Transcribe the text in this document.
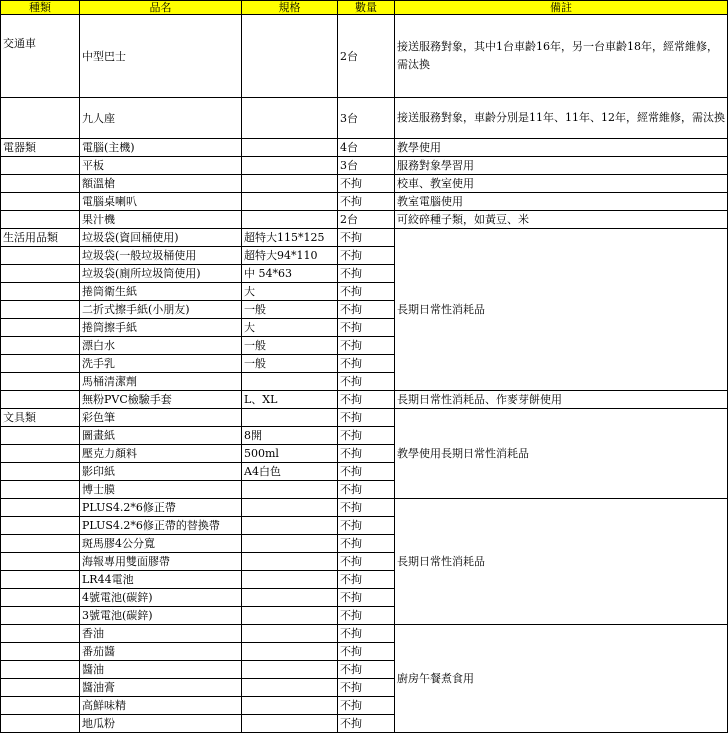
種類	品名	規格	數量	備註
交通車	中型巴士		2台	接送服務對象，其中1台車齡16年，另一台車齡18年，經常維修，需汰換
	九人座		3台	接送服務對象，車齡分別是11年、11年、12年，經常維修，需汰換
電器類	電腦(主機)		4台	教學使用
	平板		3台	服務對象學習用
	額溫槍		不拘	校車、教室使用
	電腦桌喇叭		不拘	教室電腦使用
	果汁機		2台	可絞碎種子類，如黃豆、米
生活用品類	垃圾袋(資回桶使用)	超特大115*125	不拘	長期日常性消耗品
	垃圾袋(一般垃圾桶使用	超特大94*110	不拘	
	垃圾袋(廁所垃圾筒使用)	中 54*63	不拘	
	捲筒衛生紙	大	不拘	
	二折式擦手紙(小朋友)	一般	不拘	
	捲筒擦手紙	大	不拘	
	漂白水	一般	不拘	
	洗手乳	一般	不拘	
	馬桶清潔劑		不拘	
	無粉PVC檢驗手套	L、XL	不拘	長期日常性消耗品、作麥芽餅使用
文具類	彩色筆		不拘	教學使用長期日常性消耗品
	圖畫紙	8開	不拘	
	壓克力顏料	500ml	不拘	
	影印紙	A4白色	不拘	
	博士膜		不拘	
	PLUS4.2*6修正帶		不拘	長期日常性消耗品
	PLUS4.2*6修正帶的替換帶		不拘	
	斑馬膠4公分寬		不拘	
	海報專用雙面膠帶		不拘	
	LR44電池		不拘	
	4號電池(碳鋅)		不拘	
	3號電池(碳鋅)		不拘	
	香油		不拘	廚房午餐煮食用
	番茄醬		不拘	
	醬油		不拘	
	醬油膏		不拘	
	高鮮味精		不拘	
	地瓜粉		不拘	
